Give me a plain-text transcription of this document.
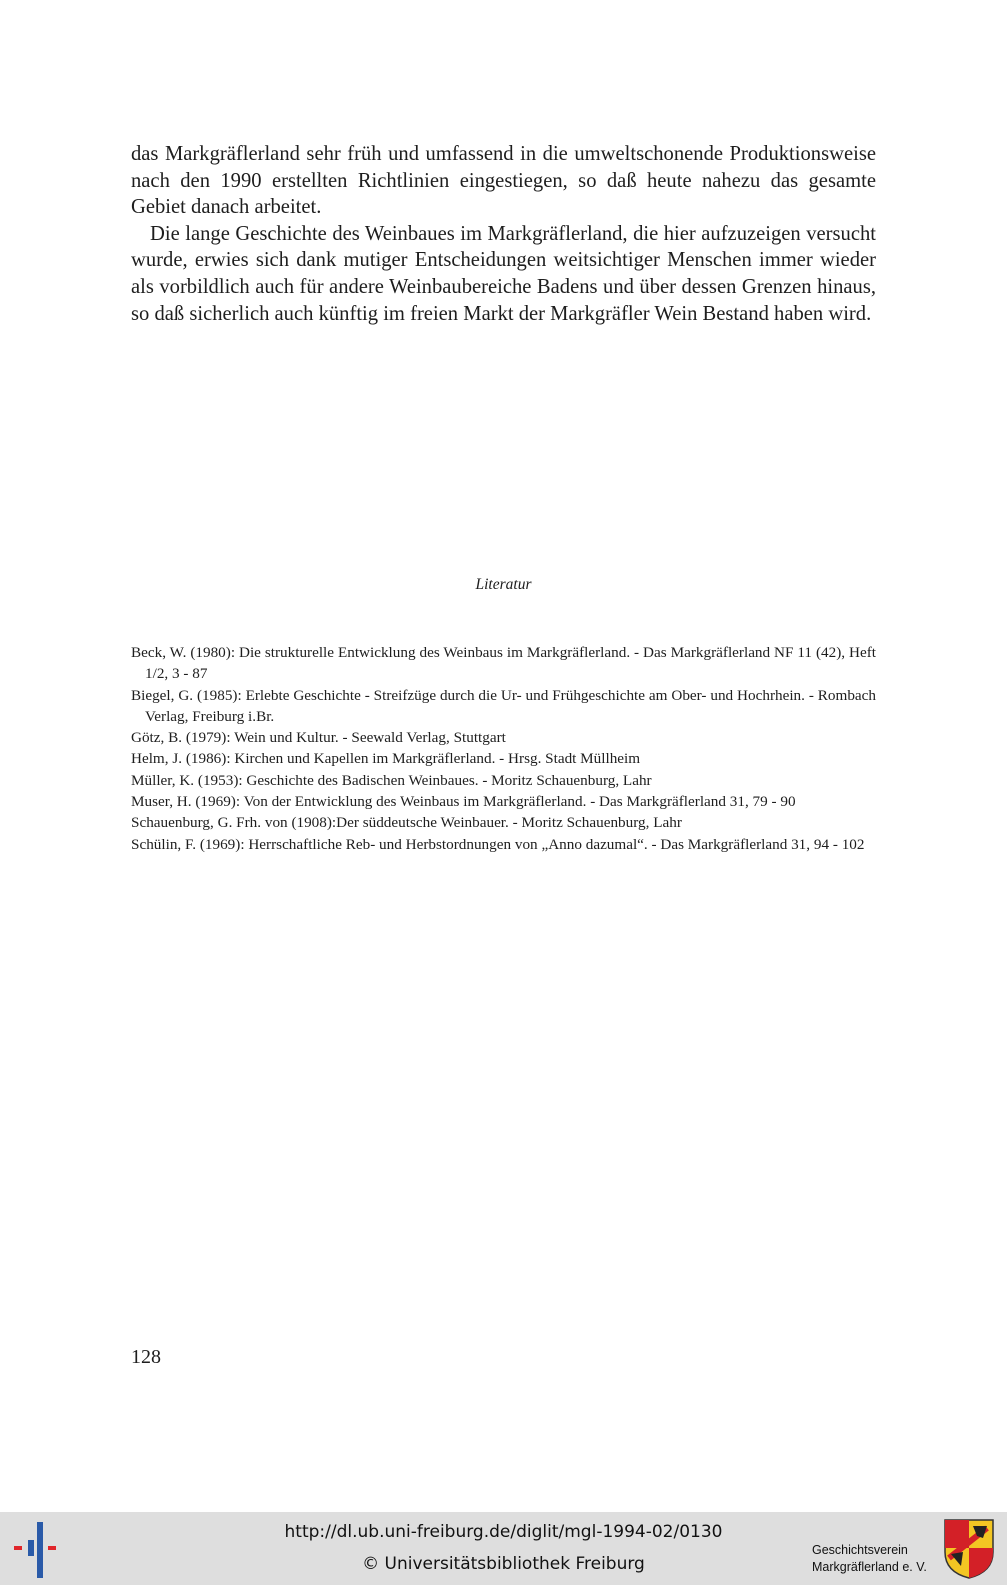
das Markgräflerland sehr früh und umfassend in die umweltschonende Produktionsweise nach den 1990 erstellten Richtlinien eingestiegen, so daß heute nahezu das gesamte Gebiet danach arbeitet.

Die lange Geschichte des Weinbaues im Markgräflerland, die hier aufzuzeigen versucht wurde, erwies sich dank mutiger Entscheidungen weitsichtiger Menschen immer wieder als vorbildlich auch für andere Weinbaubereiche Badens und über dessen Grenzen hinaus, so daß sicherlich auch künftig im freien Markt der Markgräfler Wein Bestand haben wird.

Literatur
Beck, W. (1980): Die strukturelle Entwicklung des Weinbaus im Markgräflerland. - Das Markgräflerland NF 11 (42), Heft 1/2, 3 - 87
Biegel, G. (1985): Erlebte Geschichte - Streifzüge durch die Ur- und Frühgeschichte am Ober- und Hochrhein. - Rombach Verlag, Freiburg i.Br.
Götz, B. (1979): Wein und Kultur. - Seewald Verlag, Stuttgart
Helm, J. (1986): Kirchen und Kapellen im Markgräflerland. - Hrsg. Stadt Müllheim
Müller, K. (1953): Geschichte des Badischen Weinbaues. - Moritz Schauenburg, Lahr
Muser, H. (1969): Von der Entwicklung des Weinbaus im Markgräflerland. - Das Markgräflerland 31, 79 - 90
Schauenburg, G. Frh. von (1908):Der süddeutsche Weinbauer. - Moritz Schauenburg, Lahr
Schülin, F. (1969): Herrschaftliche Reb- und Herbstordnungen von „Anno dazumal“. - Das Markgräflerland 31, 94 - 102
128
http://dl.ub.uni-freiburg.de/diglit/mgl-1994-02/0130
© Universitätsbibliothek Freiburg
Geschichtsverein
Markgräflerland e. V.
